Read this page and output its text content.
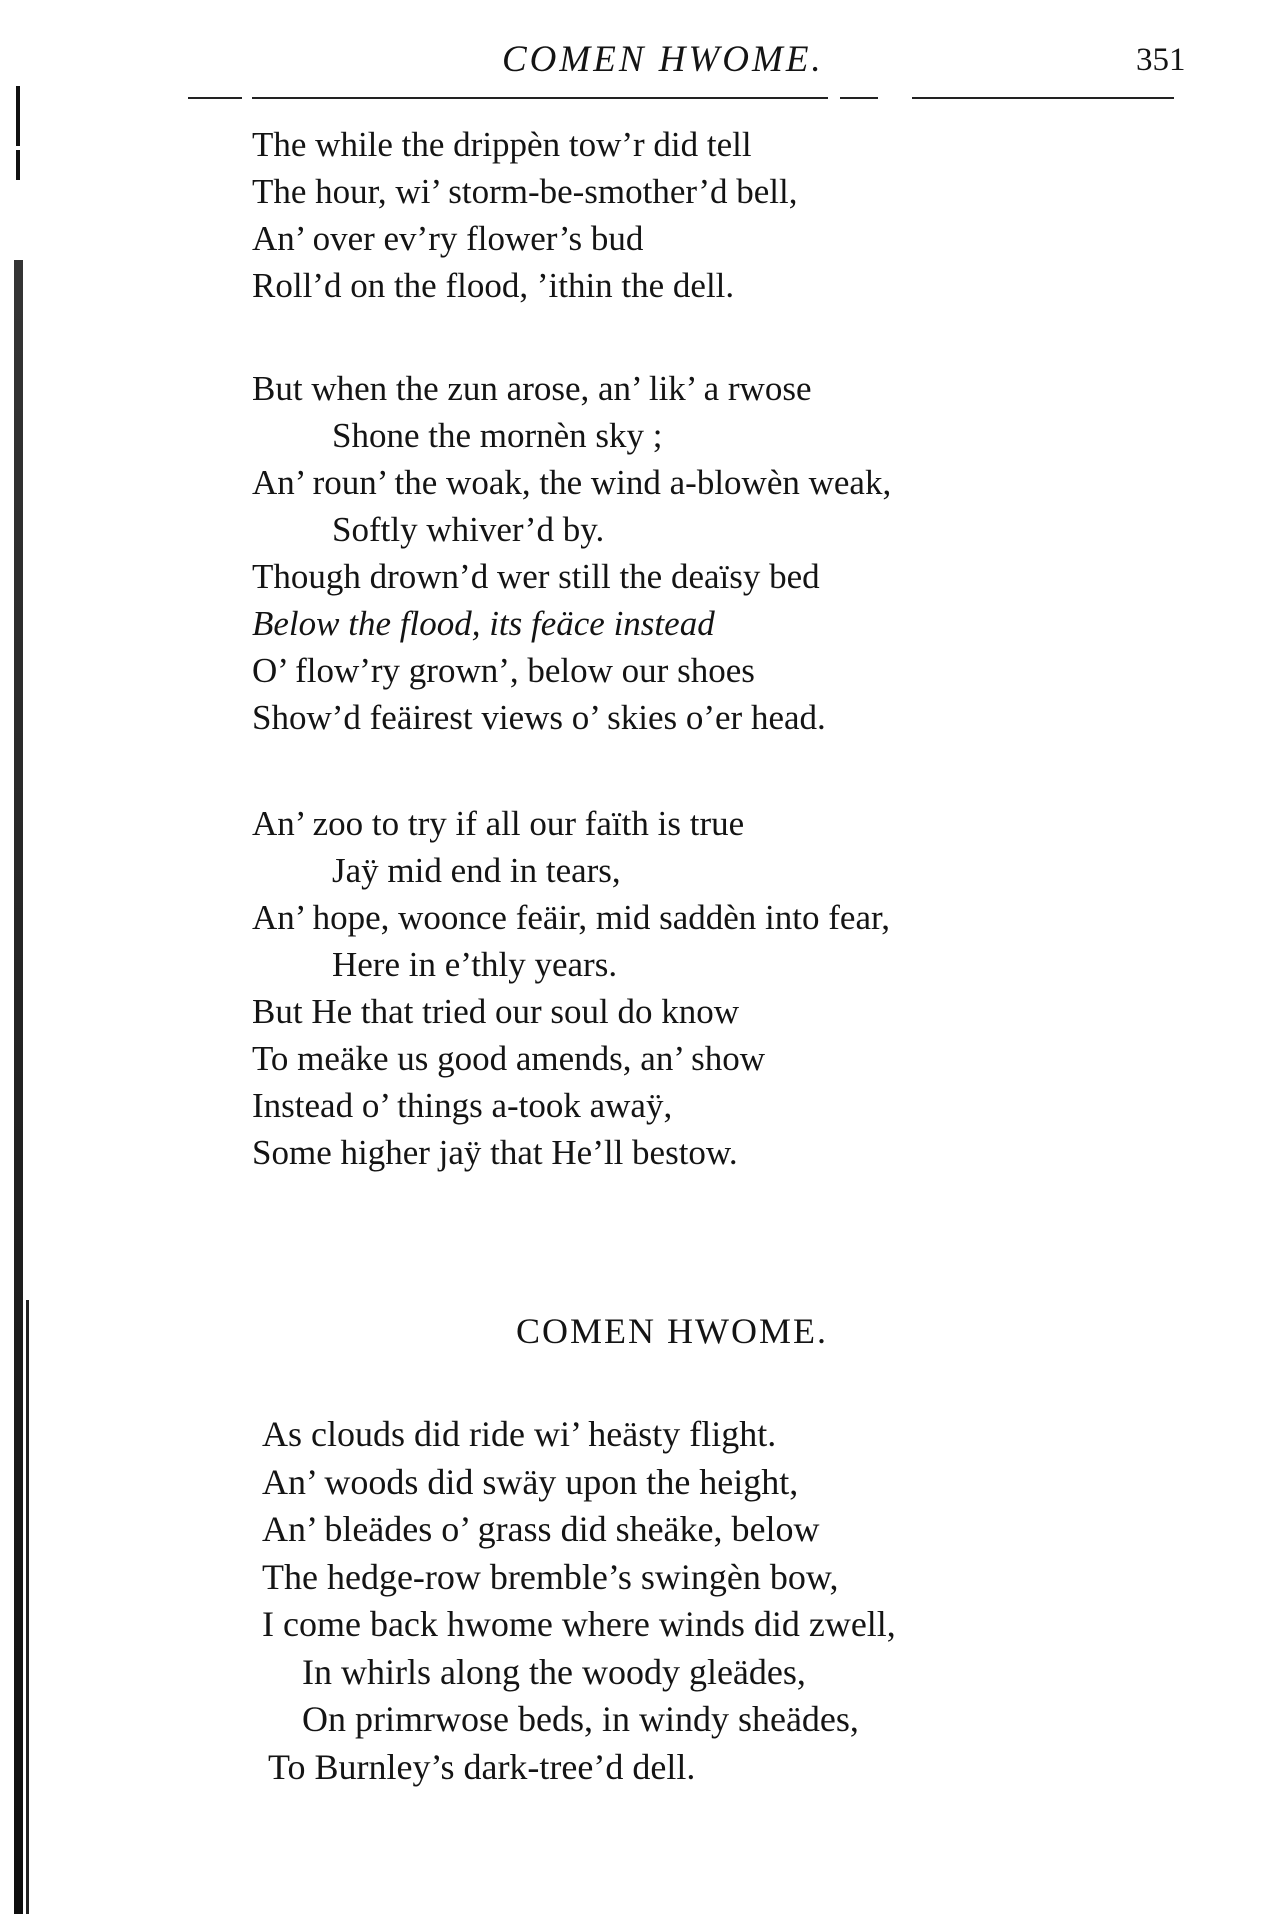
COMEN HWOME.	351
The while the drippèn tow’r did tell
The hour, wi’ storm-be-smother’d bell,
An’ over ev’ry flower’s bud
Roll’d on the flood, ’ithin the dell.
But when the zun arose, an’ lik’ a rwose
Shone the mornèn sky ;
An’ roun’ the woak, the wind a-blowèn weak,
Softly whiver’d by.
Though drown’d wer still the deaïsy bed
Below the flood, its feäce instead
O’ flow’ry grown’, below our shoes
Show’d feäirest views o’ skies o’er head.
An’ zoo to try if all our faïth is true
Jaÿ mid end in tears,
An’ hope, woonce feäir, mid saddèn into fear,
Here in e’thly years.
But He that tried our soul do know
To meäke us good amends, an’ show
Instead o’ things a-took awaÿ,
Some higher jaÿ that He’ll bestow.
COMEN HWOME.
As clouds did ride wi’ heästy flight.
An’ woods did swäy upon the height,
An’ bleädes o’ grass did sheäke, below
The hedge-row bremble’s swingèn bow,
I come back hwome where winds did zwell,
In whirls along the woody gleädes,
On primrwose beds, in windy sheädes,
To Burnley’s dark-tree’d dell.
